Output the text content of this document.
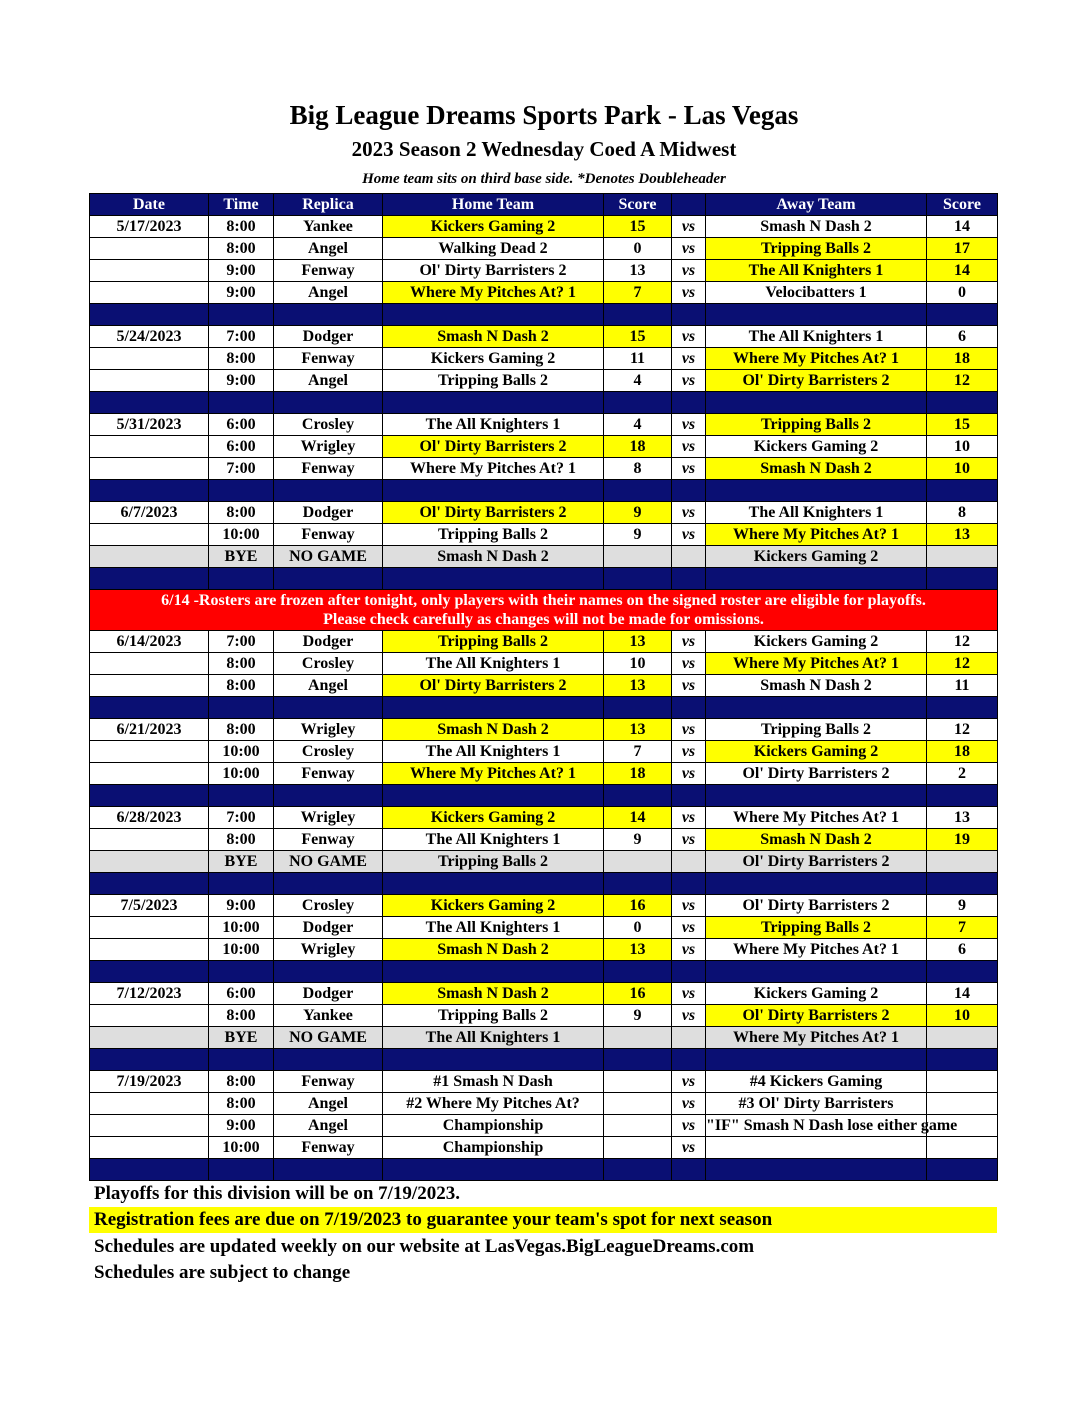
Big League Dreams Sports Park - Las Vegas
2023 Season 2 Wednesday Coed A Midwest
Home team sits on third base side. *Denotes Doubleheader
Date	Time	Replica	Home Team	Score		Away Team	Score
5/17/2023	8:00	Yankee	Kickers Gaming 2	15	vs	Smash N Dash 2	14
	8:00	Angel	Walking Dead 2	0	vs	Tripping Balls 2	17
	9:00	Fenway	Ol' Dirty Barristers 2	13	vs	The All Knighters 1	14
	9:00	Angel	Where My Pitches At? 1	7	vs	Velocibatters 1	0

5/24/2023	7:00	Dodger	Smash N Dash 2	15	vs	The All Knighters 1	6
	8:00	Fenway	Kickers Gaming 2	11	vs	Where My Pitches At? 1	18
	9:00	Angel	Tripping Balls 2	4	vs	Ol' Dirty Barristers 2	12

5/31/2023	6:00	Crosley	The All Knighters 1	4	vs	Tripping Balls 2	15
	6:00	Wrigley	Ol' Dirty Barristers 2	18	vs	Kickers Gaming 2	10
	7:00	Fenway	Where My Pitches At? 1	8	vs	Smash N Dash 2	10

6/7/2023	8:00	Dodger	Ol' Dirty Barristers 2	9	vs	The All Knighters 1	8
	10:00	Fenway	Tripping Balls 2	9	vs	Where My Pitches At? 1	13
	BYE	NO GAME	Smash N Dash 2			Kickers Gaming 2	

6/14 -Rosters are frozen after tonight, only players with their names on the signed roster are eligible for playoffs.
Please check carefully as changes will not be made for omissions.							

6/14/2023	7:00	Dodger	Tripping Balls 2	13	vs	Kickers Gaming 2	12
	8:00	Crosley	The All Knighters 1	10	vs	Where My Pitches At? 1	12
	8:00	Angel	Ol' Dirty Barristers 2	13	vs	Smash N Dash 2	11

6/21/2023	8:00	Wrigley	Smash N Dash 2	13	vs	Tripping Balls 2	12
	10:00	Crosley	The All Knighters 1	7	vs	Kickers Gaming 2	18
	10:00	Fenway	Where My Pitches At? 1	18	vs	Ol' Dirty Barristers 2	2

6/28/2023	7:00	Wrigley	Kickers Gaming 2	14	vs	Where My Pitches At? 1	13
	8:00	Fenway	The All Knighters 1	9	vs	Smash N Dash 2	19
	BYE	NO GAME	Tripping Balls 2			Ol' Dirty Barristers 2	

7/5/2023	9:00	Crosley	Kickers Gaming 2	16	vs	Ol' Dirty Barristers 2	9
	10:00	Dodger	The All Knighters 1	0	vs	Tripping Balls 2	7
	10:00	Wrigley	Smash N Dash 2	13	vs	Where My Pitches At? 1	6

7/12/2023	6:00	Dodger	Smash N Dash 2	16	vs	Kickers Gaming 2	14
	8:00	Yankee	Tripping Balls 2	9	vs	Ol' Dirty Barristers 2	10
	BYE	NO GAME	The All Knighters 1			Where My Pitches At? 1	

7/19/2023	8:00	Fenway	#1 Smash N Dash		vs	#4 Kickers Gaming	
	8:00	Angel	#2 Where My Pitches At?		vs	#3 Ol' Dirty Barristers	
	9:00	Angel	Championship		vs	"IF" Smash N Dash lose either game	
	10:00	Fenway	Championship		vs		

Playoffs for this division will be on 7/19/2023.
Registration fees are due on 7/19/2023 to guarantee your team's spot for next season
Schedules are updated weekly on our website at LasVegas.BigLeagueDreams.com
Schedules are subject to change
